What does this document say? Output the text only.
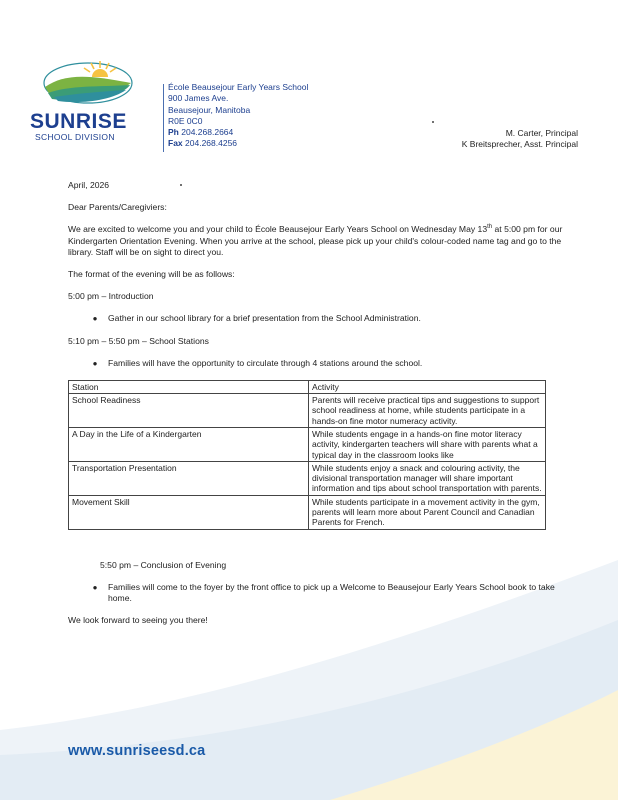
SUNRISE
SCHOOL DIVISION
École Beausejour Early Years School
900 James Ave.
Beausejour, Manitoba
R0E 0C0
Ph 204.268.2664
Fax 204.268.4256
M. Carter, Principal
K Breitsprecher, Asst. Principal

April, 2026

Dear Parents/Caregiviers:

We are excited to welcome you and your child to École Beausejour Early Years School on Wednesday May 13th at 5:00 pm for our Kindergarten Orientation Evening. When you arrive at the school, please pick up your child's colour-coded name tag and go to the library. Staff will be on sight to direct you.

The format of the evening will be as follows:

5:00 pm – Introduction

●	Gather in our school library for a brief presentation from the School Administration.

5:10 pm – 5:50 pm – School Stations

●	Families will have the opportunity to circulate through 4 stations around the school.
Station	Activity
School Readiness	Parents will receive practical tips and suggestions to support school readiness at home, while students participate in a hands-on fine motor numeracy activity.
A Day in the Life of a Kindergarten	While students engage in a hands-on fine motor literacy activity, kindergarten teachers will share with parents what a typical day in the classroom looks like
Transportation Presentation	While students enjoy a snack and colouring activity, the divisional transportation manager will share important information and tips about school transportation with parents.
Movement Skill	While students participate in a movement activity in the gym, parents will learn more about Parent Council and Canadian Parents for French.

5:50 pm – Conclusion of Evening

●	Families will come to the foyer by the front office to pick up a Welcome to Beausejour Early Years School book to take home.

We look forward to seeing you there!

www.sunriseesd.ca
